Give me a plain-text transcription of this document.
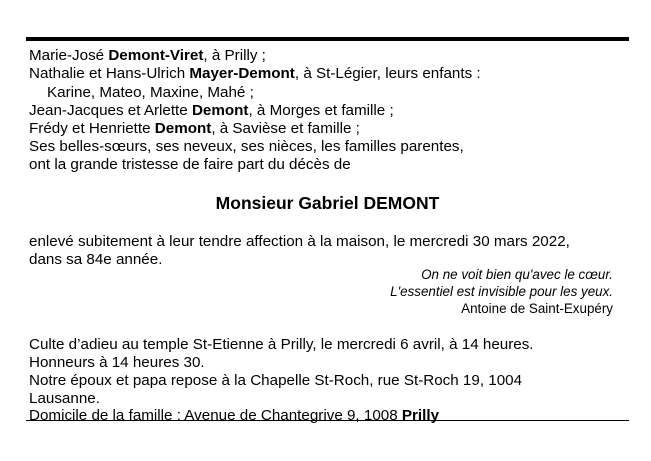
Marie-José Demont-Viret, à Prilly ;
Nathalie et Hans-Ulrich Mayer-Demont, à St-Légier, leurs enfants :
Karine, Mateo, Maxine, Mahé ;
Jean-Jacques et Arlette Demont, à Morges et famille ;
Frédy et Henriette Demont, à Savièse et famille ;
Ses belles-sœurs, ses neveux, ses nièces, les familles parentes,
ont la grande tristesse de faire part du décès de
Monsieur Gabriel DEMONT
enlevé subitement à leur tendre affection à la maison, le mercredi 30 mars 2022,
dans sa 84e année.
On ne voit bien qu'avec le cœur.
L'essentiel est invisible pour les yeux.
Antoine de Saint-Exupéry
Culte d’adieu au temple St-Etienne à Prilly, le mercredi 6 avril, à 14 heures.
Honneurs à 14 heures 30.
Notre époux et papa repose à la Chapelle St-Roch, rue St-Roch 19, 1004
Lausanne.
Domicile de la famille : Avenue de Chantegrive 9, 1008 Prilly
